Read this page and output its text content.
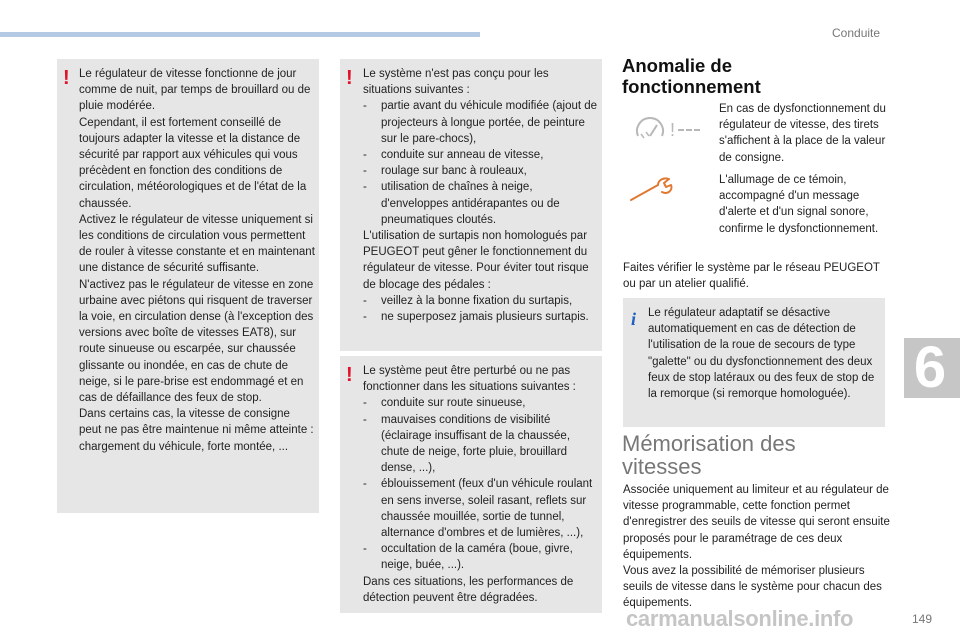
Conduite
6
! Le régulateur de vitesse fonctionne de jour comme de nuit, par temps de brouillard ou de pluie modérée.

Cependant, il est fortement conseillé de toujours adapter la vitesse et la distance de sécurité par rapport aux véhicules qui vous précèdent en fonction des conditions de circulation, météorologiques et de l'état de la chaussée.

Activez le régulateur de vitesse uniquement si les conditions de circulation vous permettent de rouler à vitesse constante et en maintenant une distance de sécurité suffisante.

N'activez pas le régulateur de vitesse en zone urbaine avec piétons qui risquent de traverser la voie, en circulation dense (à l'exception des versions avec boîte de vitesses EAT8), sur route sinueuse ou escarpée, sur chaussée glissante ou inondée, en cas de chute de neige, si le pare-brise est endommagé et en cas de défaillance des feux de stop.

Dans certains cas, la vitesse de consigne peut ne pas être maintenue ni même atteinte : chargement du véhicule, forte montée, ...

! Le système n'est pas conçu pour les situations suivantes :

- partie avant du véhicule modifiée (ajout de projecteurs à longue portée, de peinture sur le pare-chocs),
- conduite sur anneau de vitesse,
- roulage sur banc à rouleaux,
- utilisation de chaînes à neige, d'enveloppes antidérapantes ou de pneumatiques cloutés.

L'utilisation de surtapis non homologués par PEUGEOT peut gêner le fonctionnement du régulateur de vitesse. Pour éviter tout risque de blocage des pédales :

- veillez à la bonne fixation du surtapis,
- ne superposez jamais plusieurs surtapis.
! Le système peut être perturbé ou ne pas fonctionner dans les situations suivantes :

- conduite sur route sinueuse,
- mauvaises conditions de visibilité (éclairage insuffisant de la chaussée, chute de neige, forte pluie, brouillard dense, ...),
- éblouissement (feux d'un véhicule roulant en sens inverse, soleil rasant, reflets sur chaussée mouillée, sortie de tunnel, alternance d'ombres et de lumières, ...),
- occultation de la caméra (boue, givre, neige, buée, ...).

Dans ces situations, les performances de détection peuvent être dégradées.

Anomalie de
fonctionnement
!
En cas de dysfonctionnement du régulateur de vitesse, des tirets s'affichent à la place de la valeur de consigne.
L'allumage de ce témoin, accompagné d'un message d'alerte et d'un signal sonore, confirme le dysfonctionnement.
Faites vérifier le système par le réseau PEUGEOT ou par un atelier qualifié.
i Le régulateur adaptatif se désactive automatiquement en cas de détection de l'utilisation de la roue de secours de type "galette" ou du dysfonctionnement des deux feux de stop latéraux ou des feux de stop de la remorque (si remorque homologuée).
Mémorisation des
vitesses
Associée uniquement au limiteur et au régulateur de vitesse programmable, cette fonction permet d'enregistrer des seuils de vitesse qui seront ensuite proposés pour le paramétrage de ces deux équipements.
Vous avez la possibilité de mémoriser plusieurs seuils de vitesse dans le système pour chacun des équipements.
carmanualsonline.info	149
